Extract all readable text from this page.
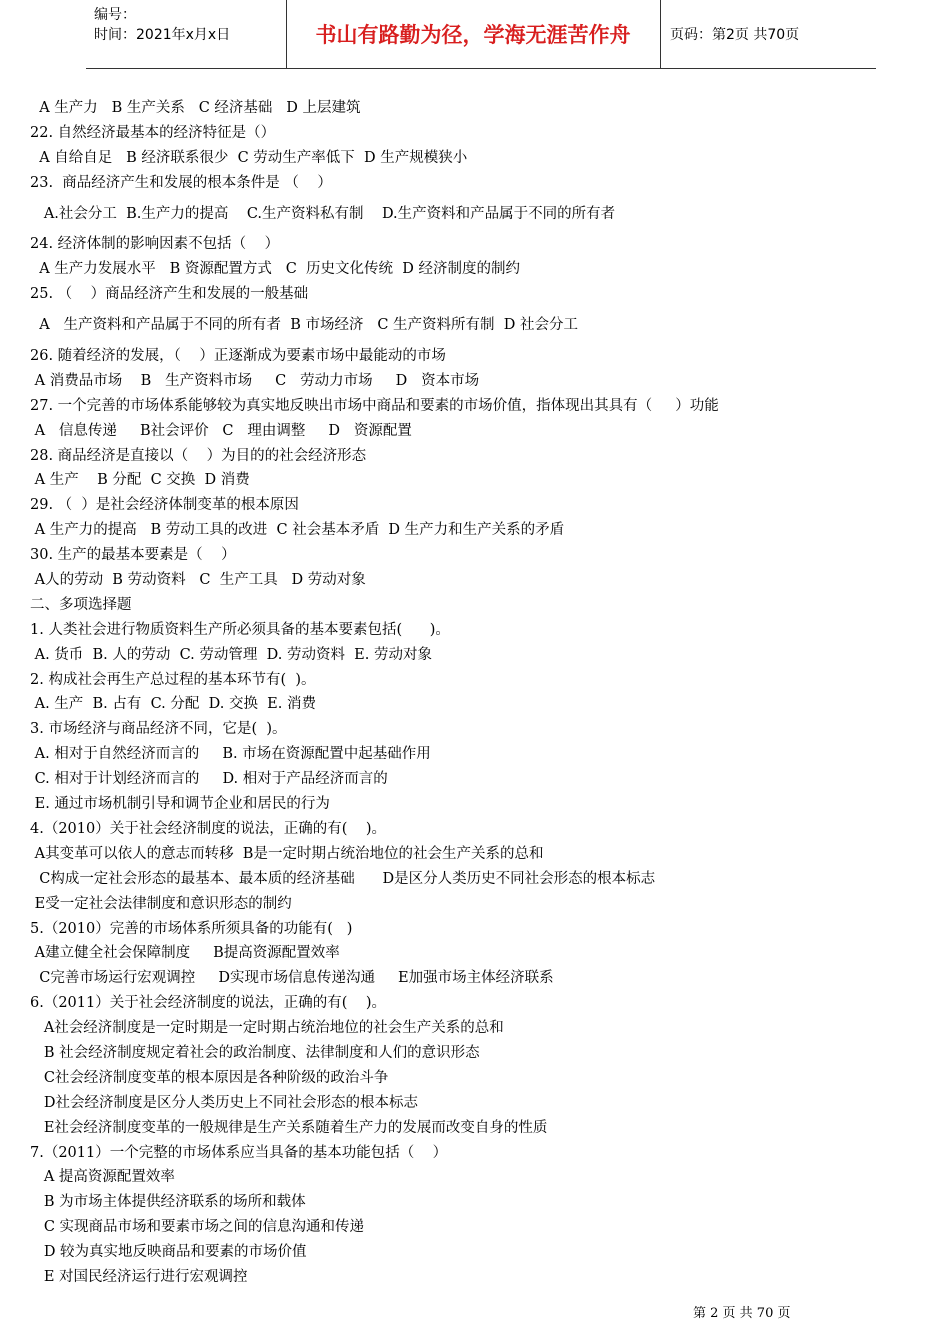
编号：
时间：2021年x月x日	书山有路勤为径，学海无涯苦作舟	页码：第2页 共70页
A 生产力   B 生产关系   C 经济基础   D 上层建筑
22. 自然经济最基本的经济特征是（）
A 自给自足   B 经济联系很少  C 劳动生产率低下  D 生产规模狭小
23.  商品经济产生和发展的根本条件是 （    ）
A.社会分工  B.生产力的提高    C.生产资料私有制    D.生产资料和产品属于不同的所有者
24. 经济体制的影响因素不包括（    ）
A 生产力发展水平   B 资源配置方式   C  历史文化传统  D 经济制度的制约
25. （    ）商品经济产生和发展的一般基础
A   生产资料和产品属于不同的所有者  B 市场经济   C 生产资料所有制  D 社会分工
26. 随着经济的发展，（    ）正逐渐成为要素市场中最能动的市场
A 消费品市场    B   生产资料市场     C   劳动力市场     D   资本市场
27. 一个完善的市场体系能够较为真实地反映出市场中商品和要素的市场价值，指体现出其具有（     ）功能
A   信息传递     B社会评价   C   理由调整     D   资源配置
28. 商品经济是直接以（    ）为目的的社会经济形态
A 生产    B 分配  C 交换  D 消费
29. （  ）是社会经济体制变革的根本原因
A 生产力的提高   B 劳动工具的改进  C 社会基本矛盾  D 生产力和生产关系的矛盾
30. 生产的最基本要素是（    ）
A人的劳动  B 劳动资料   C  生产工具   D 劳动对象
二、多项选择题
1. 人类社会进行物质资料生产所必须具备的基本要素包括(      )。
A. 货币  B. 人的劳动  C. 劳动管理  D. 劳动资料  E. 劳动对象
2. 构成社会再生产总过程的基本环节有(  )。
A. 生产  B. 占有  C. 分配  D. 交换  E. 消费
3. 市场经济与商品经济不同，它是(  )。
A. 相对于自然经济而言的     B. 市场在资源配置中起基础作用
C. 相对于计划经济而言的     D. 相对于产品经济而言的
E. 通过市场机制引导和调节企业和居民的行为
4.（2010）关于社会经济制度的说法，正确的有(    )。
A其变革可以依人的意志而转移  B是一定时期占统治地位的社会生产关系的总和
C构成一定社会形态的最基本、最本质的经济基础      D是区分人类历史不同社会形态的根本标志
E受一定社会法律制度和意识形态的制约
5.（2010）完善的市场体系所须具备的功能有(   )
A建立健全社会保障制度     B提高资源配置效率
C完善市场运行宏观调控     D实现市场信息传递沟通     E加强市场主体经济联系
6.（2011）关于社会经济制度的说法，正确的有(    )。
A社会经济制度是一定时期是一定时期占统治地位的社会生产关系的总和
B 社会经济制度规定着社会的政治制度、法律制度和人们的意识形态
C社会经济制度变革的根本原因是各种阶级的政治斗争
D社会经济制度是区分人类历史上不同社会形态的根本标志
E社会经济制度变革的一般规律是生产关系随着生产力的发展而改变自身的性质
7.（2011）一个完整的市场体系应当具备的基本功能包括（    ）
A 提高资源配置效率
B 为市场主体提供经济联系的场所和载体
C 实现商品市场和要素市场之间的信息沟通和传递
D 较为真实地反映商品和要素的市场价值
E 对国民经济运行进行宏观调控
第 2 页 共 70 页
